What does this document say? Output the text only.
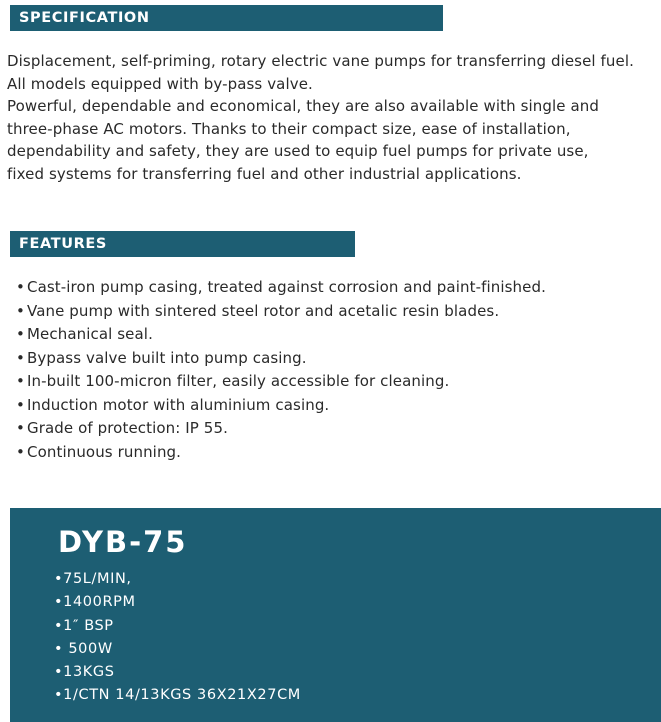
SPECIFICATION

Displacement, self-priming, rotary electric vane pumps for transferring diesel fuel.

All models equipped with by-pass valve.

Powerful, dependable and economical, they are also available with single and

three-phase AC motors. Thanks to their compact size, ease of installation,

dependability and safety, they are used to equip fuel pumps for private use,

fixed systems for transferring fuel and other industrial applications.

FEATURES
• Cast-iron pump casing, treated against corrosion and paint-finished.
• Vane pump with sintered steel rotor and acetalic resin blades.
• Mechanical seal.
• Bypass valve built into pump casing.
• In-built 100-micron filter, easily accessible for cleaning.
• Induction motor with aluminium casing.
• Grade of protection: IP 55.
• Continuous running.
DYB-75
•75L/MIN,
•1400RPM
•1″ BSP
• 500W
•13KGS
•1/CTN 14/13KGS 36X21X27CM
